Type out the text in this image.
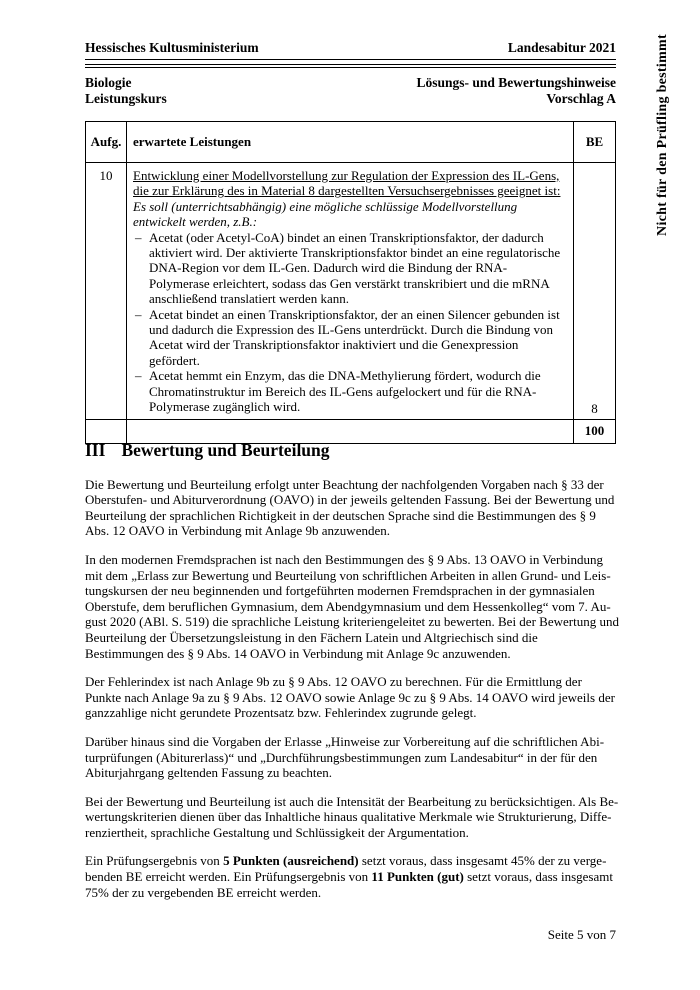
Hessisches Kultusministerium	Landesabitur 2021
Biologie
Leistungskurs
Lösungs- und Bewertungshinweise
Vorschlag A	Nicht für den Prüfling bestimmt
Aufg.	erwartete Leistungen	BE
10	Entwicklung einer Modellvorstellung zur Regulation der Expression des IL-Gens, die zur Erklärung des in Material 8 dargestellten Versuchsergebnisses geeignet ist:
Es soll (unterrichtsabhängig) eine mögliche schlüssige Modellvorstellung entwickelt werden, z.B.:
– Acetat (oder Acetyl-CoA) bindet an einen Transkriptionsfaktor, der dadurch aktiviert wird. Der aktivierte Transkriptionsfaktor bindet an eine regulatorische DNA-Region vor dem IL-Gen. Dadurch wird die Bindung der RNA-Polymerase erleichtert, sodass das Gen verstärkt transkribiert und die mRNA anschließend translatiert werden kann.
– Acetat bindet an einen Transkriptionsfaktor, der an einen Silencer gebunden ist und dadurch die Expression des IL-Gens unterdrückt. Durch die Bindung von Acetat wird der Transkriptionsfaktor inaktiviert und die Genexpression gefördert.
– Acetat hemmt ein Enzym, das die DNA-Methylierung fördert, wodurch die Chromatinstruktur im Bereich des IL-Gens aufgelockert und für die RNA-Polymerase zugänglich wird.	8
		100
III Bewertung und Beurteilung

Die Bewertung und Beurteilung erfolgt unter Beachtung der nachfolgenden Vorgaben nach § 33 der Oberstufen- und Abiturverordnung (OAVO) in der jeweils geltenden Fassung. Bei der Bewertung und Beurteilung der sprachlichen Richtigkeit in der deutschen Sprache sind die Bestimmungen des § 9 Abs. 12 OAVO in Verbindung mit Anlage 9b anzuwenden.

In den modernen Fremdsprachen ist nach den Bestimmungen des § 9 Abs. 13 OAVO in Verbindung mit dem „Erlass zur Bewertung und Beurteilung von schriftlichen Arbeiten in allen Grund- und Leistungskursen der neu beginnenden und fortgeführten modernen Fremdsprachen in der gymnasialen Oberstufe, dem beruflichen Gymnasium, dem Abendgymnasium und dem Hessenkolleg“ vom 7. August 2020 (ABl. S. 519) die sprachliche Leistung kriteriengeleitet zu bewerten. Bei der Bewertung und Beurteilung der Übersetzungsleistung in den Fächern Latein und Altgriechisch sind die Bestimmungen des § 9 Abs. 14 OAVO in Verbindung mit Anlage 9c anzuwenden.

Der Fehlerindex ist nach Anlage 9b zu § 9 Abs. 12 OAVO zu berechnen. Für die Ermittlung der Punkte nach Anlage 9a zu § 9 Abs. 12 OAVO sowie Anlage 9c zu § 9 Abs. 14 OAVO wird jeweils der ganzzahlige nicht gerundete Prozentsatz bzw. Fehlerindex zugrunde gelegt.

Darüber hinaus sind die Vorgaben der Erlasse „Hinweise zur Vorbereitung auf die schriftlichen Abiturprüfungen (Abiturerlass)“ und „Durchführungsbestimmungen zum Landesabitur“ in der für den Abiturjahrgang geltenden Fassung zu beachten.

Bei der Bewertung und Beurteilung ist auch die Intensität der Bearbeitung zu berücksichtigen. Als Bewertungskriterien dienen über das Inhaltliche hinaus qualitative Merkmale wie Strukturierung, Differenziertheit, sprachliche Gestaltung und Schlüssigkeit der Argumentation.

Ein Prüfungsergebnis von 5 Punkten (ausreichend) setzt voraus, dass insgesamt 45% der zu vergebenden BE erreicht werden. Ein Prüfungsergebnis von 11 Punkten (gut) setzt voraus, dass insgesamt 75% der zu vergebenden BE erreicht werden.

Seite 5 von 7
